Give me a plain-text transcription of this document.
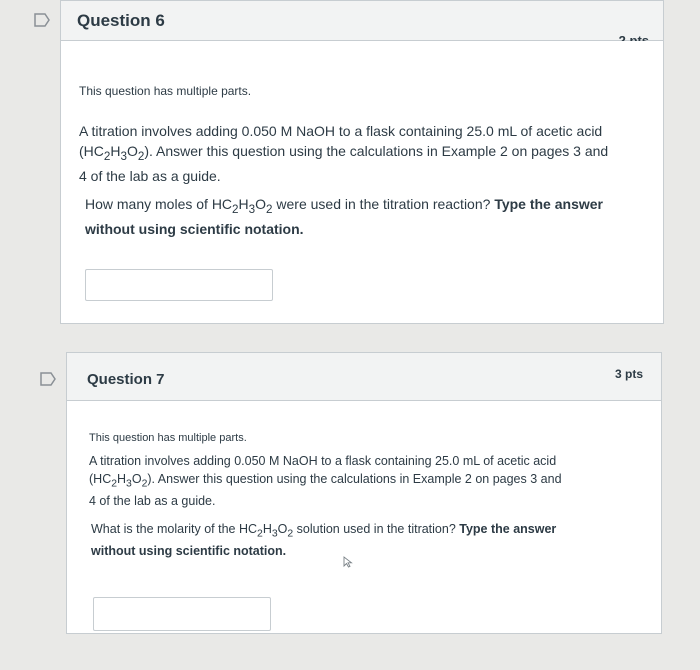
Question 6
This question has multiple parts.
A titration involves adding 0.050 M NaOH to a flask containing 25.0 mL of acetic acid
$(HC_2H_3O_2)$. Answer this question using the calculations in Example 2 on pages 3 and
4 of the lab as a guide.
How many moles of $HC_2H_3O_2$ were used in the titration reaction? Type the answer
without using scientific notation.
Question 7	3 pts
This question has multiple parts.
A titration involves adding 0.050 M NaOH to a flask containing 25.0 mL of acetic acid
$(HC_2H_3O_2)$. Answer this question using the calculations in Example 2 on pages 3 and
4 of the lab as a guide.
What is the molarity of the $HC_2H_3O_2$ solution used in the titration? Type the answer
without using scientific notation.
